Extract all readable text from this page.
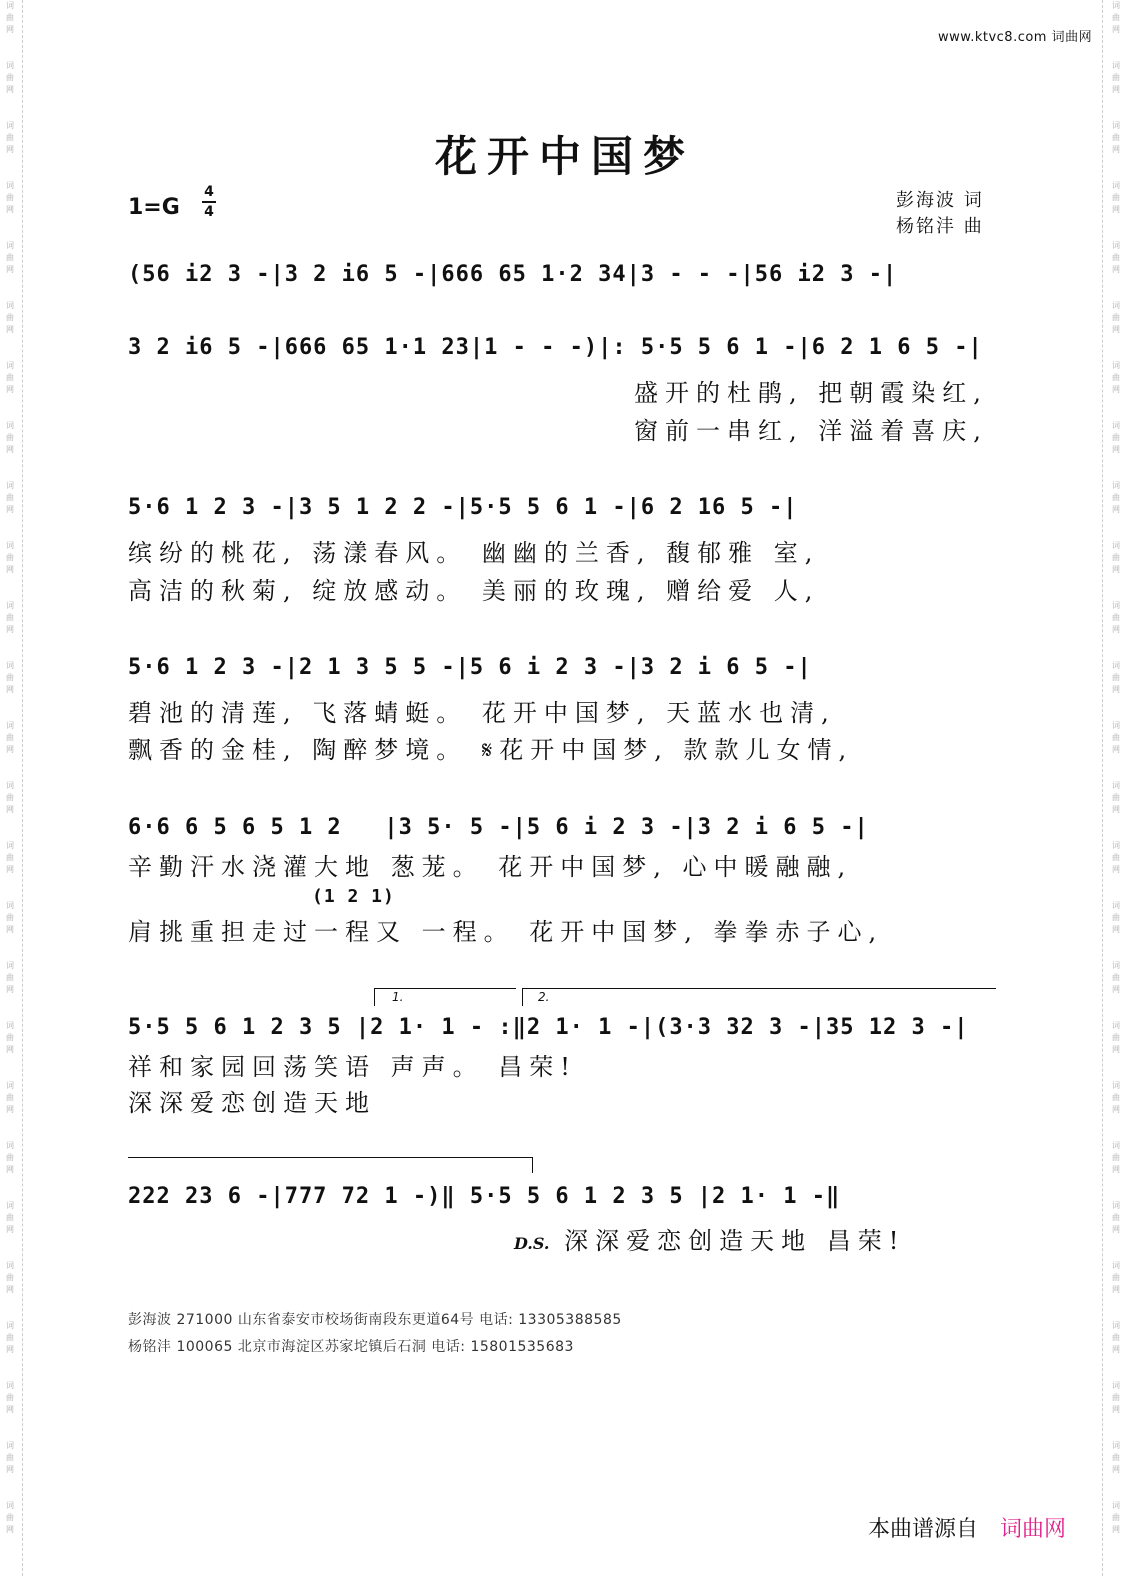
词
曲
网
词
曲
网
词
曲
网
词
曲
网
词
曲
网
词
曲
网
词
曲
网
词
曲
网
词
曲
网
词
曲
网
词
曲
网
词
曲
网
词
曲
网
词
曲
网
词
曲
网
词
曲
网
词
曲
网
词
曲
网
词
曲
网
词
曲
网
词
曲
网
词
曲
网
词
曲
网
词
曲
网
词
曲
网
词
曲
网
词
曲
网
词
曲
网
词
曲
网
词
曲
网
词
曲
网
词
曲
网
词
曲
网
词
曲
网
词
曲
网
词
曲
网
词
曲
网
词
曲
网
词
曲
网
词
曲
网
词
曲
网
词
曲
网
词
曲
网
词
曲
网
词
曲
网
词
曲
网
词
曲
网
词
曲
网
词
曲
网
词
曲
网
词
曲
网
词
曲
网
www.ktvc8.com 词曲网
花开中国梦
1=G
4
4
彭海波 词
杨铭沣 曲
(56 i2 3 -|3 2 i6 5 -|666 65 1·2 34|3 - - -|56 i2 3 -|
3 2 i6 5 -|666 65 1·1 23|1 - - -)|: 5·5 5 6 1 -|6 2 1 6 5 -|
盛开的杜鹃, 把朝霞染红,
窗前一串红, 洋溢着喜庆,
5·6 1 2 3 -|3 5 1 2 2 -|5·5 5 6 1 -|6 2 16 5 -|
缤纷的桃花, 荡漾春风。 幽幽的兰香, 馥郁雅 室,
高洁的秋菊, 绽放感动。 美丽的玫瑰, 赠给爱 人,
5·6 1 2 3 -|2 1 3 5 5 -|5 6 i 2 3 -|3 2 i 6 5 -|
碧池的清莲, 飞落蜻蜓。 花开中国梦, 天蓝水也清,
飘香的金桂, 陶醉梦境。 𝄋花开中国梦, 款款儿女情,
6·6 6 5 6 5 1 2   |3 5· 5 -|5 6 i 2 3 -|3 2 i 6 5 -|
辛勤汗水浇灌大地 葱茏。 花开中国梦, 心中暖融融,
(1 2 1)
肩挑重担走过一程又 一程。 花开中国梦, 拳拳赤子心,
1.	2.
5·5 5 6 1 2 3 5 |2 1· 1 - :‖2 1· 1 -|(3·3 32 3 -|35 12 3 -|
祥和家园回荡笑语 声声。 昌荣!
深深爱恋创造天地
222 23 6 -|777 72 1 -)‖ 5·5 5 6 1 2 3 5 |2 1· 1 -‖
D.S. 深深爱恋创造天地 昌荣!
彭海波 271000 山东省泰安市校场街南段东更道64号 电话: 13305388585
杨铭沣 100065 北京市海淀区苏家坨镇后石洞 电话: 15801535683
本曲谱源自 词曲网
